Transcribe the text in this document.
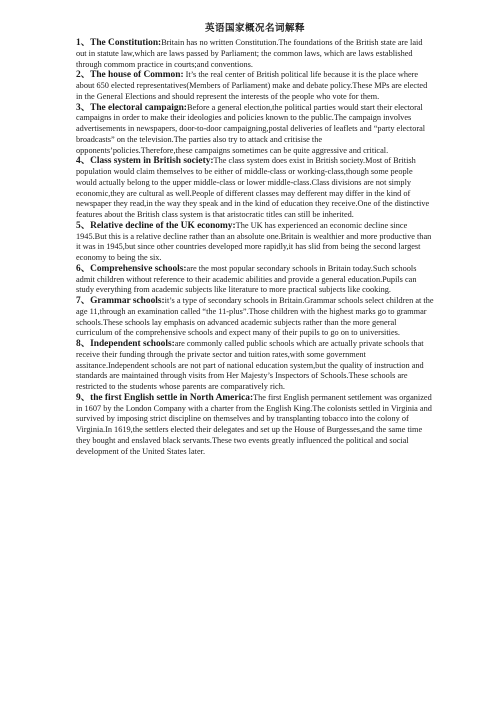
英语国家概况名词解释

1、The Constitution:Britain has no written Constitution.The foundations of the British state are laid out in statute law,which are laws passed by Parliament; the common laws, which are laws established through commom practice in courts;and conventions.

2、The house of Common: It’s the real center of British political life because it is the place where about 650 elected representatives(Members of Parliament) make and debate policy.These MPs are elected in the General Elections and should represent the interests of the people who vote for them.

3、The electoral campaign:Before a general election,the political parties would start their electoral campaigns in order to make their ideologies and policies known to the public.The campaign involves advertisements in newspapers, door-to-door campaigning,postal deliveries of leaflets and “party electoral broadcasts” on the television.The parties also try to attack and critisise the opponents’policies.Therefore,these campaigns sometimes can be quite aggressive and critical.

4、Class system in British society:The class system does exist in British society.Most of British population would claim themselves to be either of middle-class or working-class,though some people would actually belong to the upper middle-class or lower middle-class.Class divisions are not simply economic,they are cultural as well.People of different classes may defferent may differ in the kind of newspaper they read,in the way they speak and in the kind of education they receive.One of the distinctive features about the British class system is that aristocratic titles can still be inherited.

5、Relative decline of the UK economy:The UK has experienced an economic decline since 1945.But this is a relative decline rather than an absolute one.Britain is wealthier and more productive than it was in 1945,but since other countries developed more rapidly,it has slid from being the second largest economy to being the six.

6、Comprehensive schools:are the most popular secondary schools in Britain today.Such schools admit children without reference to their academic abilities and provide a general education.Pupils can study everything from academic subjects like literature to more practical subjects like cooking.

7、Grammar schools:it’s a type of secondary schools in Britain.Grammar schools select children at the age 11,through an examination called “the 11-plus”.Those children with the highest marks go to grammar schools.These schools lay emphasis on advanced academic subjects rather than the more general curriculum of the comprehensive schools and expect many of their pupils to go on to universities.

8、Independent schools:are commonly called public schools which are actually private schools that receive their funding through the private sector and tuition rates,with some government assitance.Independent schools are not part of national education system,but the quality of instruction and standards are maintained through visits from Her Majesty’s Inspectors of Schools.These schools are restricted to the students whose parents are comparatively rich.

9、the first English settle in North America:The first English permanent settlement was organized in 1607 by the London Company with a charter from the English King.The colonists settled in Virginia and survived by imposing strict discipline on themselves and by transplanting tobacco into the colony of Virginia.In 1619,the settlers elected their delegates and set up the House of Burgesses,and the same time they bought and enslaved black servants.These two events greatly influenced the political and social development of the United States later.
